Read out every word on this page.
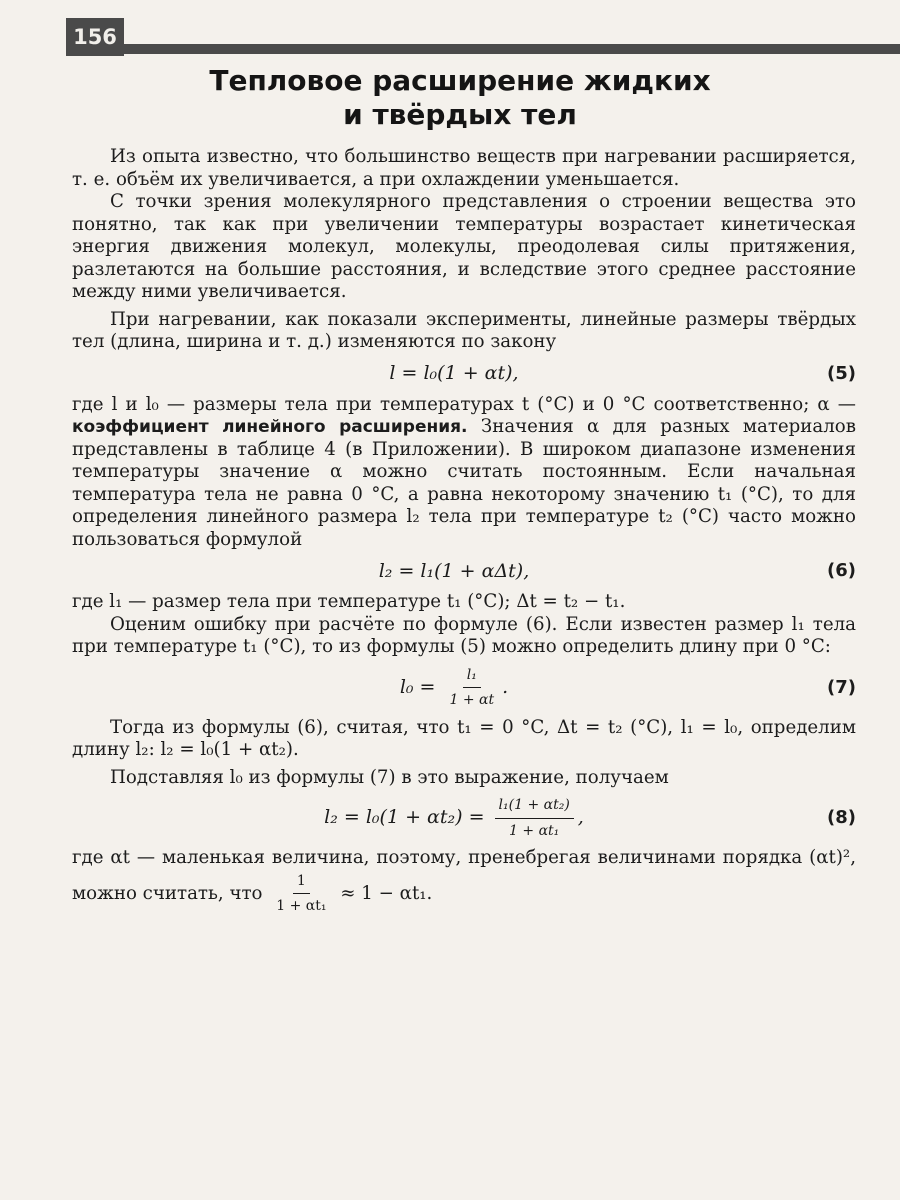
156
Тепловое расширение жидких
и твёрдых тел

Из опыта известно, что большинство веществ при нагревании расширяется, т. е. объём их увеличивается, а при охлаждении уменьшается.

С точки зрения молекулярного представления о строении вещества это понятно, так как при увеличении температуры возрастает кинетическая энергия движения молекул, молекулы, преодолевая силы притяжения, разлетаются на большие расстояния, и вследствие этого среднее расстояние между ними увеличивается.

При нагревании, как показали эксперименты, линейные размеры твёрдых тел (длина, ширина и т. д.) изменяются по закону

l = l₀(1 + αt),	(5)

где l и l₀ — размеры тела при температурах t (°C) и 0 °C соответственно; α — коэффициент линейного расширения. Значения α для разных материалов представлены в таблице 4 (в Приложении). В широком диапазоне изменения температуры значение α можно считать постоянным. Если начальная температура тела не равна 0 °C, а равна некоторому значению t₁ (°C), то для определения линейного размера l₂ тела при температуре t₂ (°C) часто можно пользоваться формулой

l₂ = l₁(1 + αΔt),	(6)

где l₁ — размер тела при температуре t₁ (°C); Δt = t₂ − t₁.

Оценим ошибку при расчёте по формуле (6). Если известен размер l₁ тела при температуре t₁ (°C), то из формулы (5) можно определить длину при 0 °C:

$l_0 = \frac{\text{l₁}}{1 + \alpha t}$ .	(7)

Тогда из формулы (6), считая, что t₁ = 0 °C, Δt = t₂ (°C), l₁ = l₀, определим длину l₂: l₂ = l₀(1 + αt₂).

Подставляя l₀ из формулы (7) в это выражение, получаем

$l_2 = l_0(1 + \alpha t_2) = \frac{\text{l₁(1 + αt₂)}}{\text{1 + αt₁}}$ ,	(8)

где αt — маленькая величина, поэтому, пренебрегая величинами порядка (αt)², можно считать, что $\frac{1}{\text{1 + αt₁}} \approx 1 - \alpha t_1$.
